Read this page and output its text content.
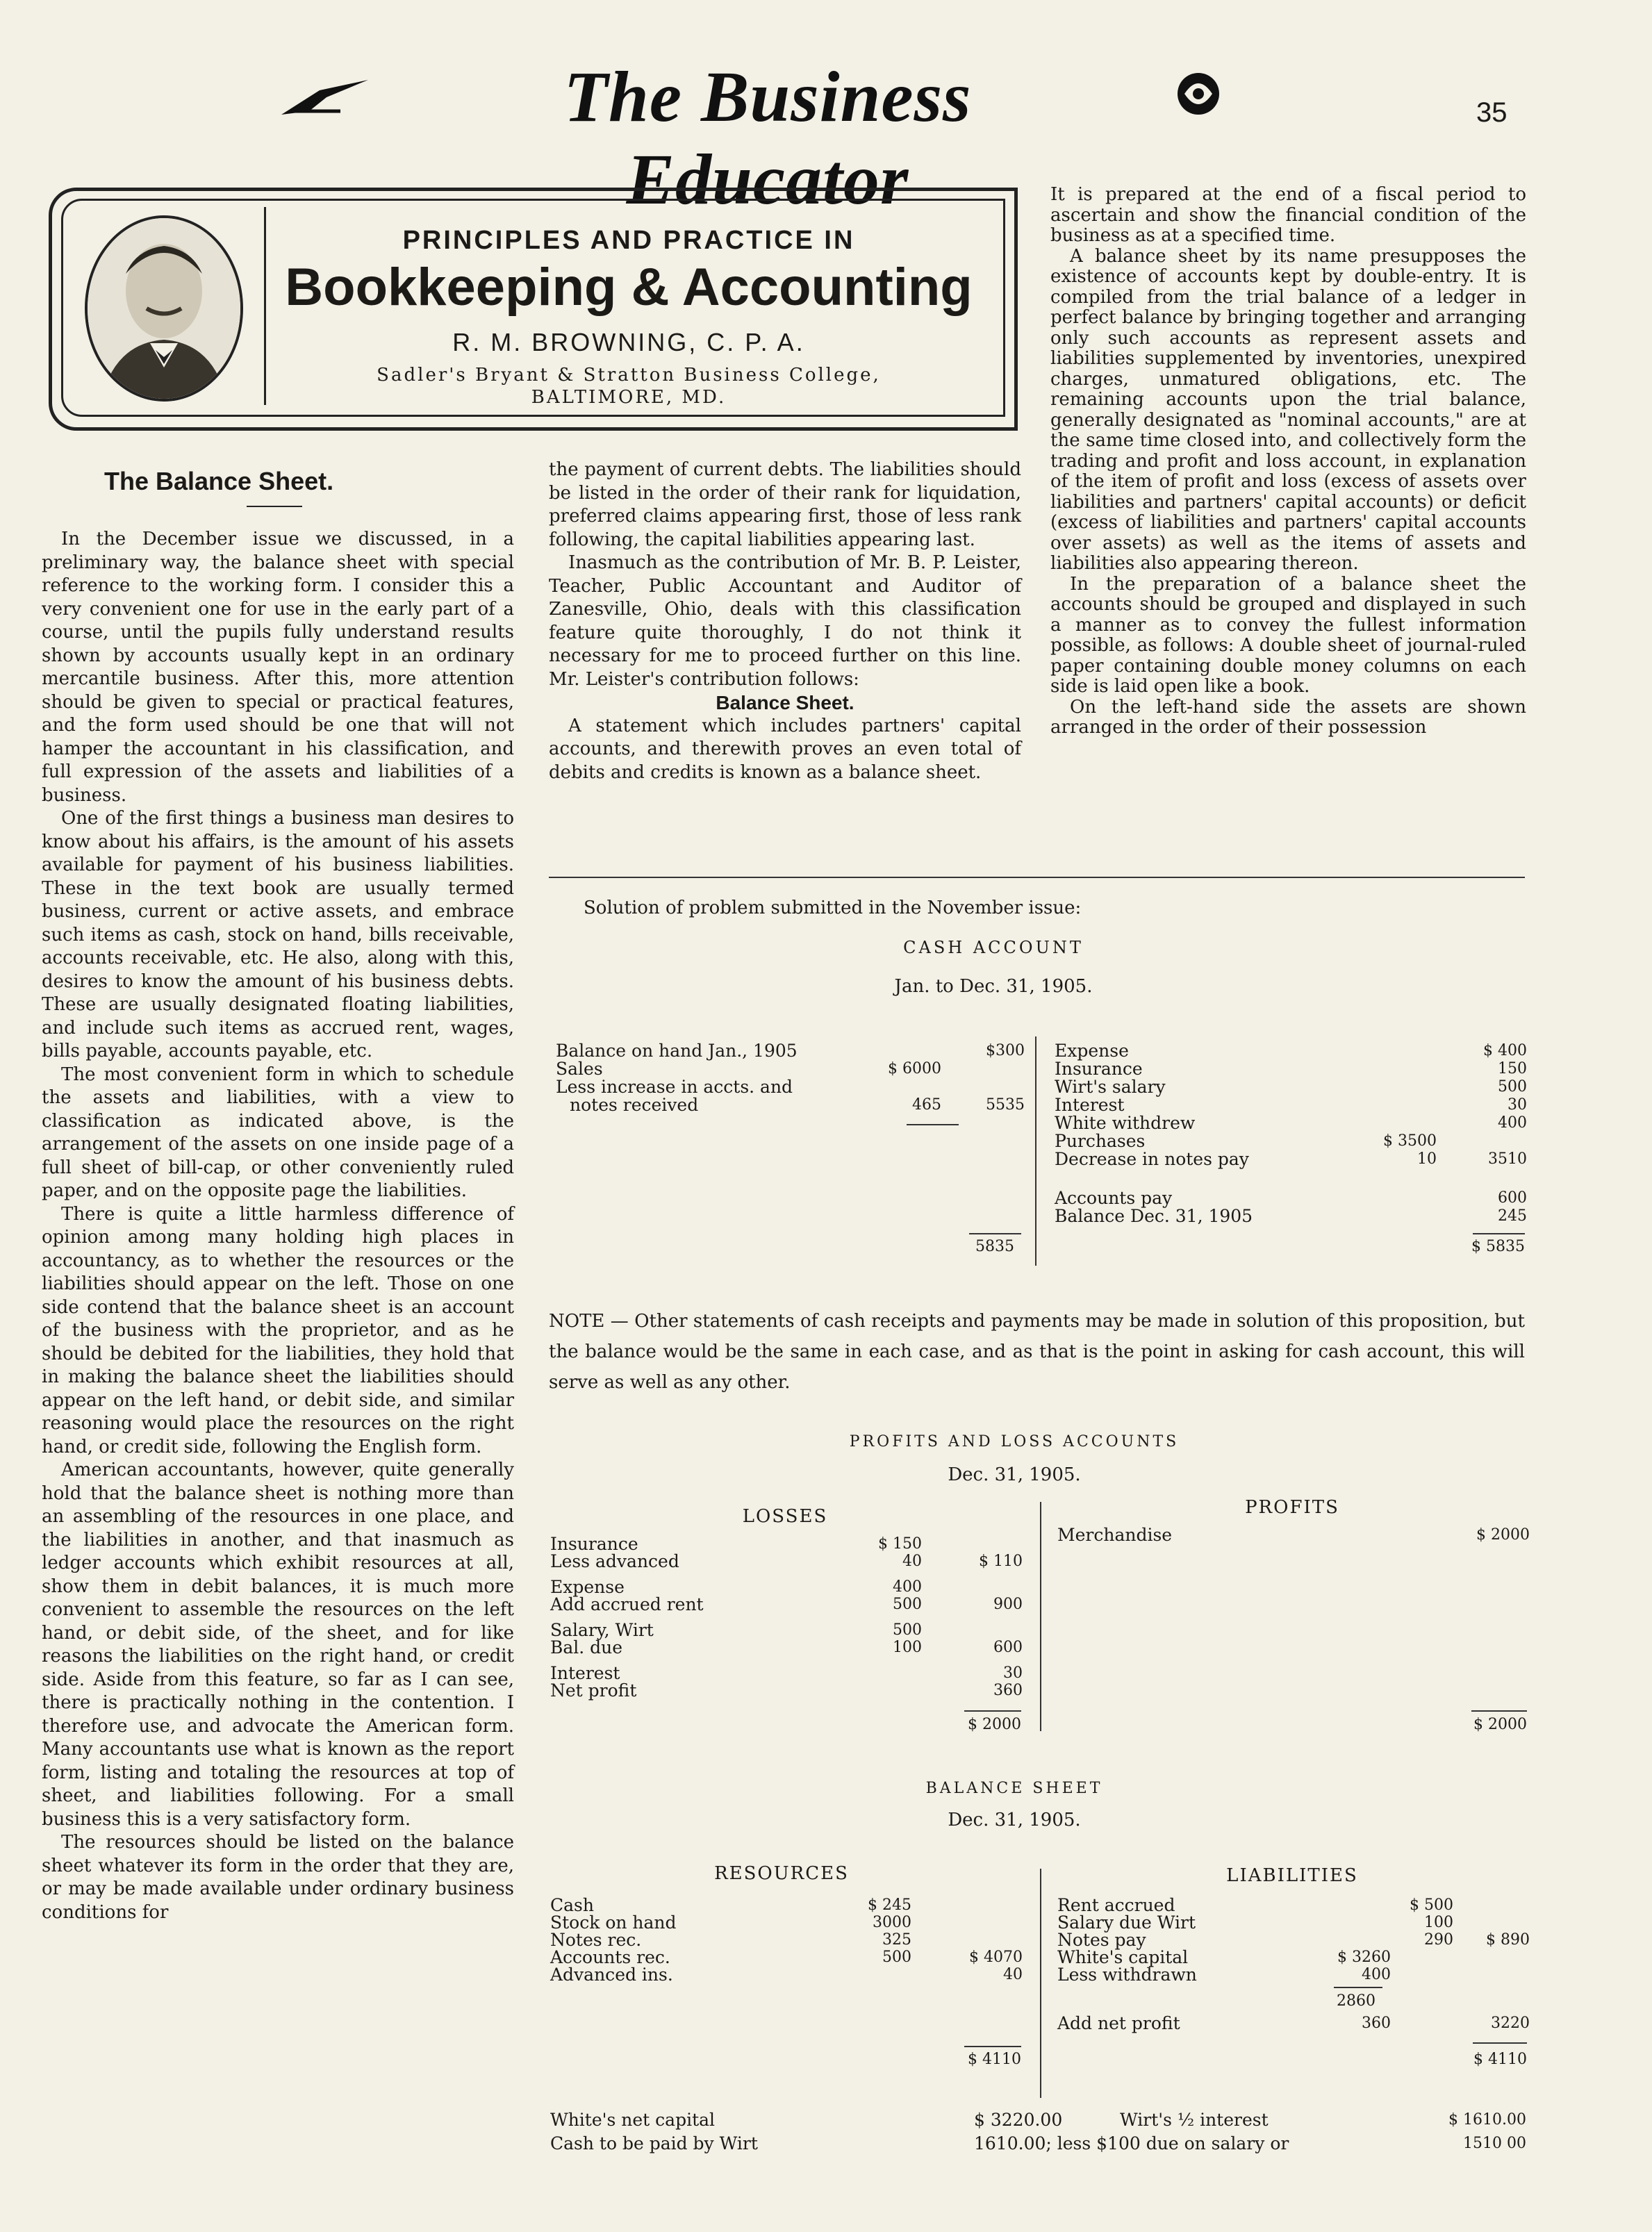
The Business Educator
35
PRINCIPLES AND PRACTICE IN
Bookkeeping & Accounting
R. M. BROWNING, C. P. A.
Sadler's Bryant & Stratton Business College,
BALTIMORE, MD.
The Balance Sheet.

In the December issue we discussed, in a preliminary way, the balance sheet with special reference to the working form. I consider this a very convenient one for use in the early part of a course, until the pupils fully understand results shown by accounts usually kept in an ordinary mercantile business. After this, more attention should be given to special or practical features, and the form used should be one that will not hamper the accountant in his classification, and full expression of the assets and liabilities of a business.

One of the first things a business man desires to know about his affairs, is the amount of his assets available for payment of his business liabilities. These in the text book are usually termed business, current or active assets, and embrace such items as cash, stock on hand, bills receivable, accounts receivable, etc. He also, along with this, desires to know the amount of his business debts. These are usually designated floating liabilities, and include such items as accrued rent, wages, bills payable, accounts payable, etc.

The most convenient form in which to schedule the assets and liabilities, with a view to classification as indicated above, is the arrangement of the assets on one inside page of a full sheet of bill-cap, or other conveniently ruled paper, and on the opposite page the liabilities.

There is quite a little harmless difference of opinion among many holding high places in accountancy, as to whether the resources or the liabilities should appear on the left. Those on one side contend that the balance sheet is an account of the business with the proprietor, and as he should be debited for the liabilities, they hold that in making the balance sheet the liabilities should appear on the left hand, or debit side, and similar reasoning would place the resources on the right hand, or credit side, following the English form.

American accountants, however, quite generally hold that the balance sheet is nothing more than an assembling of the resources in one place, and the liabilities in another, and that inasmuch as ledger accounts which exhibit resources at all, show them in debit balances, it is much more convenient to assemble the resources on the left hand, or debit side, of the sheet, and for like reasons the liabilities on the right hand, or credit side. Aside from this feature, so far as I can see, there is practically nothing in the contention. I therefore use, and advocate the American form. Many accountants use what is known as the report form, listing and totaling the resources at top of sheet, and liabilities following. For a small business this is a very satisfactory form.

The resources should be listed on the balance sheet whatever its form in the order that they are, or may be made available under ordinary business conditions for

the payment of current debts. The liabilities should be listed in the order of their rank for liquidation, preferred claims appearing first, those of less rank following, the capital liabilities appearing last.

Inasmuch as the contribution of Mr. B. P. Leister, Teacher, Public Accountant and Auditor of Zanesville, Ohio, deals with this classification feature quite thoroughly, I do not think it necessary for me to proceed further on this line. Mr. Leister's contribution follows:

Balance Sheet.

A statement which includes partners' capital accounts, and therewith proves an even total of debits and credits is known as a balance sheet.

It is prepared at the end of a fiscal period to ascertain and show the financial condition of the business as at a specified time.

A balance sheet by its name presupposes the existence of accounts kept by double-entry. It is compiled from the trial balance of a ledger in perfect balance by bringing together and arranging only such accounts as represent assets and liabilities supplemented by inventories, unexpired charges, unmatured obligations, etc. The remaining accounts upon the trial balance, generally designated as "nominal accounts," are at the same time closed into, and collectively form the trading and profit and loss account, in explanation of the item of profit and loss (excess of assets over liabilities and partners' capital accounts) or deficit (excess of liabilities and partners' capital accounts over assets) as well as the items of assets and liabilities also appearing thereon.

In the preparation of a balance sheet the accounts should be grouped and displayed in such a manner as to convey the fullest information possible, as follows: A double sheet of journal-ruled paper containing double money columns on each side is laid open like a book.

On the left-hand side the assets are shown arranged in the order of their possession

Solution of problem submitted in the November issue:
CASH ACCOUNT
Jan. to Dec. 31, 1905.
Balance on hand Jan., 1905	$300
Sales	$ 6000
Less increase in accts. and
notes received	465	5535
5835
Expense	$ 400
Insurance	150
Wirt's salary	500
Interest	30
White withdrew	400
Purchases	$ 3500
Decrease in notes pay	10	3510
Accounts pay	600
Balance Dec. 31, 1905	245
$ 5835
NOTE — Other statements of cash receipts and payments may be made in solution of this proposition, but the balance would be the same in each case, and as that is the point in asking for cash account, this will serve as well as any other.
PROFITS AND LOSS ACCOUNTS
Dec. 31, 1905.
LOSSES	PROFITS
Insurance	$ 150
Less advanced	40	$ 110
Expense	400
Add accrued rent	500	900
Salary, Wirt	500
Bal. due	100	600
Interest	30
Net profit	360
$ 2000
Merchandise	$ 2000
$ 2000
BALANCE SHEET
Dec. 31, 1905.
RESOURCES	LIABILITIES
Cash	$ 245
Stock on hand	3000
Notes rec.	325
Accounts rec.	500	$ 4070
Advanced ins.	40
$ 4110
Rent accrued	$ 500
Salary due Wirt	100
Notes pay	290	$ 890
White's capital	$ 3260
Less withdrawn	400
2860
Add net profit	360	3220
$ 4110
White's net capital	$ 3220.00	Wirt's ½ interest	$ 1610.00
Cash to be paid by Wirt	1610.00; less $100 due on salary or	1510 00
